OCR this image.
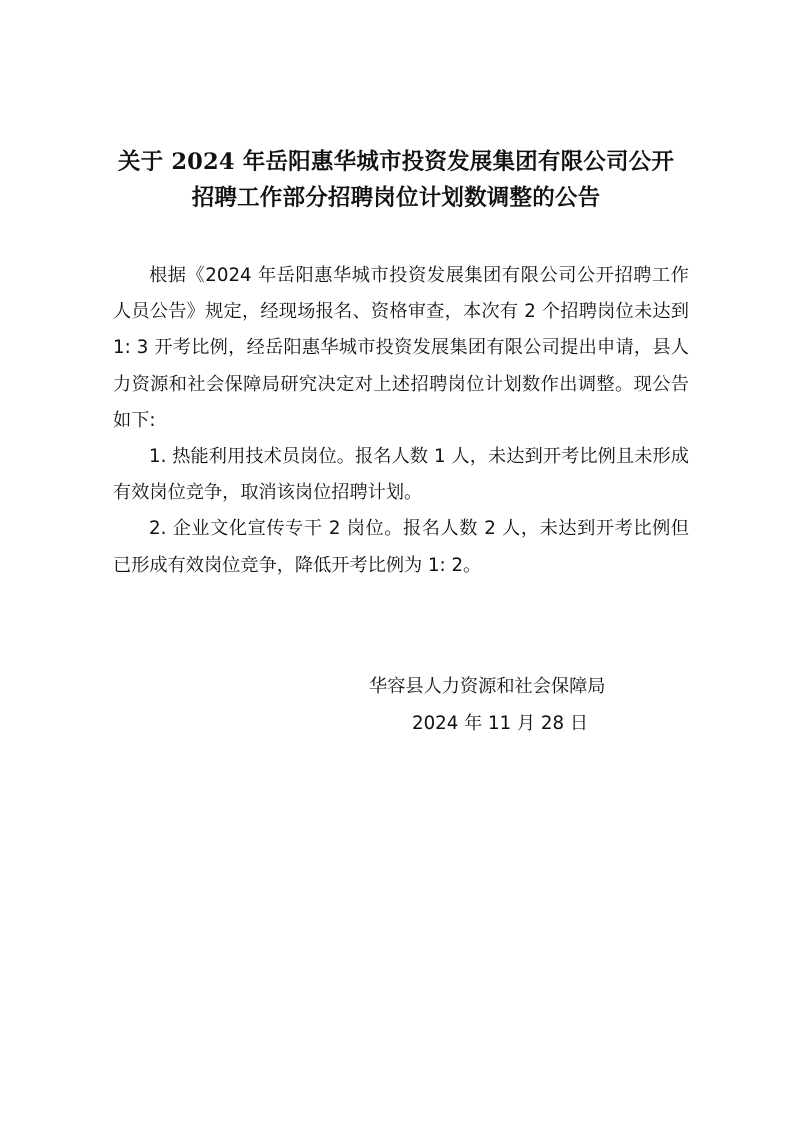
关于 2024 年岳阳惠华城市投资发展集团有限公司公开
招聘工作部分招聘岗位计划数调整的公告

根据《2024 年岳阳惠华城市投资发展集团有限公司公开招聘工作人员公告》规定，经现场报名、资格审查，本次有 2 个招聘岗位未达到 1: 3 开考比例，经岳阳惠华城市投资发展集团有限公司提出申请，县人力资源和社会保障局研究决定对上述招聘岗位计划数作出调整。现公告如下:

1. 热能利用技术员岗位。报名人数 1 人，未达到开考比例且未形成有效岗位竞争，取消该岗位招聘计划。

2. 企业文化宣传专干 2 岗位。报名人数 2 人，未达到开考比例但已形成有效岗位竞争，降低开考比例为 1: 2。

华容县人力资源和社会保障局

2024 年 11 月 28 日
